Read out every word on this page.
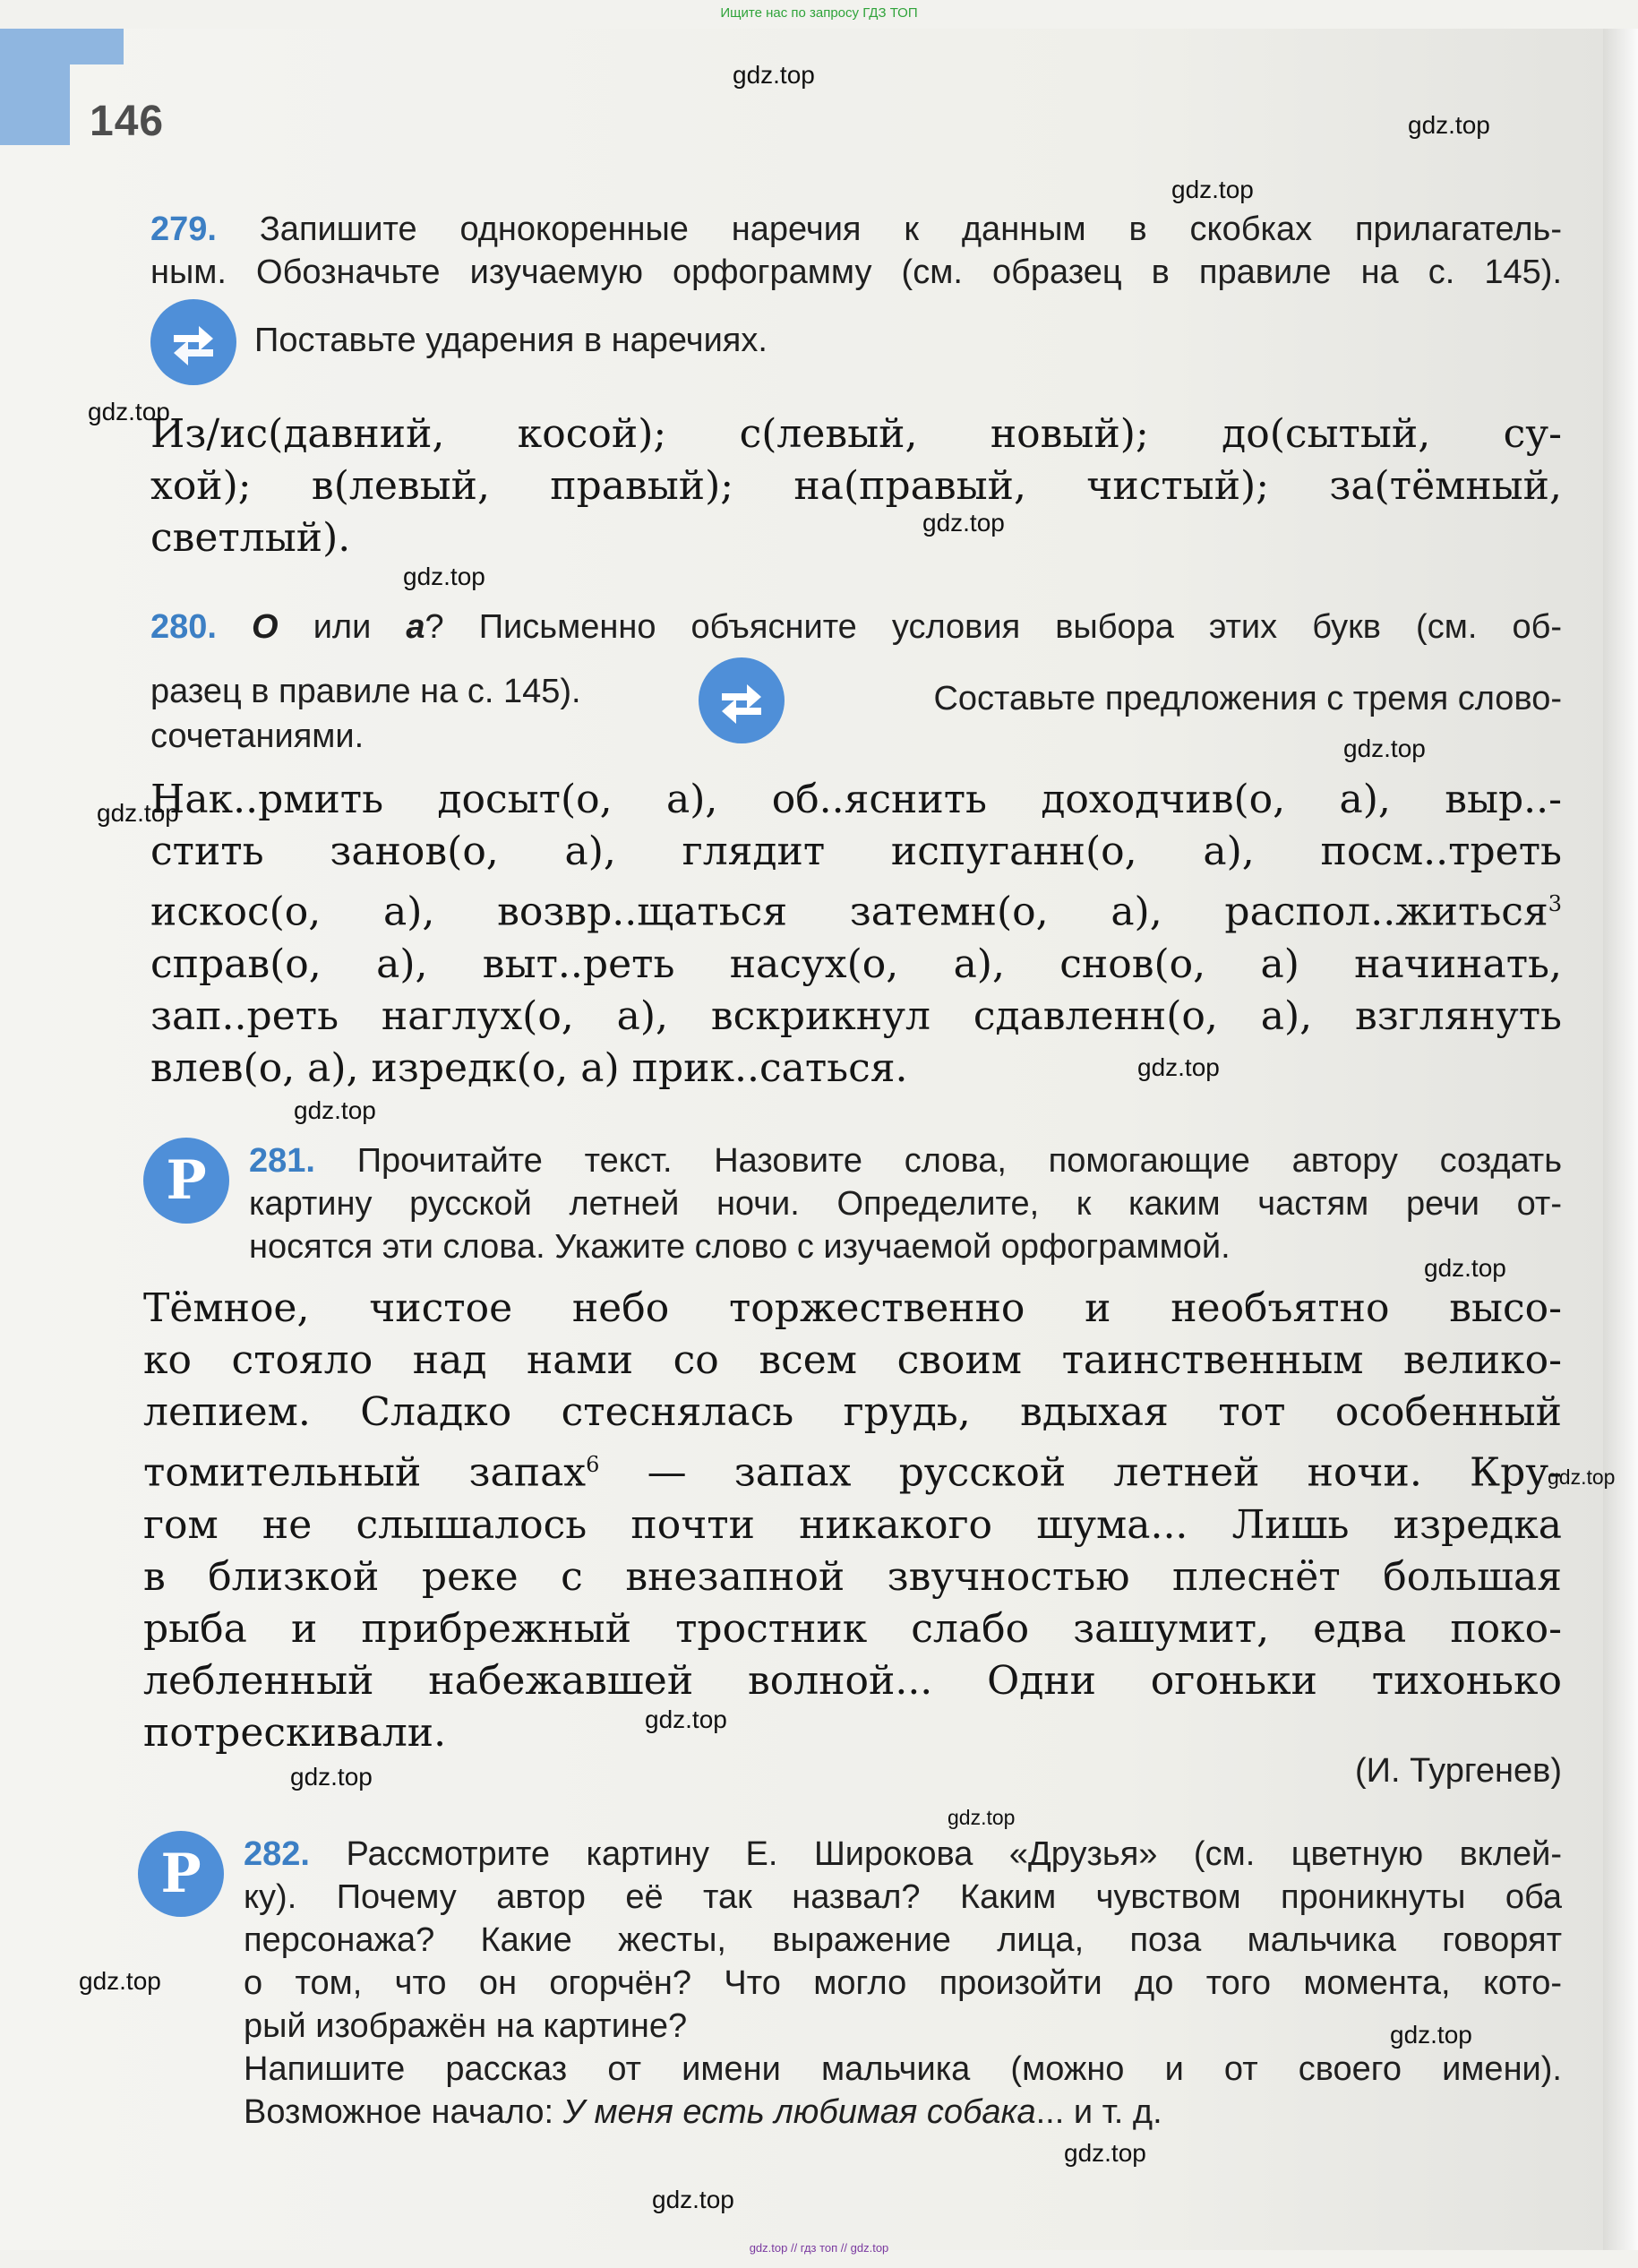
Ищите нас по запросу ГДЗ ТОП
146
gdz.top
gdz.top
gdz.top
gdz.top
gdz.top
gdz.top
gdz.top
gdz.top
gdz.top
gdz.top
gdz.top
gdz.top
gdz.top
gdz.top
gdz.top
gdz.top
gdz.top
gdz.top
gdz.top
279. Запишите однокоренные наречия к данным в скобках прилагатель-
ным. Обозначьте изучаемую орфограмму (см. образец в правиле на с. 145).
Поставьте ударения в наречиях.
Из/ис(давний, косой); с(левый, новый); до(сытый, су-
хой); в(левый, правый); на(правый, чистый); за(тёмный,
светлый).
280. О или а? Письменно объясните условия выбора этих букв (см. об-
разец в правиле на с. 145).	Составьте предложения с тремя слово-
сочетаниями.
Нак..рмить досыт(о, а), об..яснить доходчив(о, а), выр..-
стить занов(о, а), глядит испуганн(о, а), посм..треть
искос(о, а), возвр..щаться затемн(о, а), распол..житься$^3$
справ(о, а), выт..реть насух(о, а), снов(о, а) начинать,
зап..реть наглух(о, а), вскрикнул сдавленн(о, а), взглянуть
влев(о, а), изредк(о, а) прик..саться.
Р	281. Прочитайте текст. Назовите слова, помогающие автору создать
картину русской летней ночи. Определите, к каким частям речи от-
носятся эти слова. Укажите слово с изучаемой орфограммой.
Тёмное, чистое небо торжественно и необъятно высо-
ко стояло над нами со всем своим таинственным велико-
лепием. Сладко стеснялась грудь, вдыхая тот особенный
томительный запах$^6$ — запах русской летней ночи. Кру-
гом не слышалось почти никакого шума... Лишь изредка
в близкой реке с внезапной звучностью плеснёт большая
рыба и прибрежный тростник слабо зашумит, едва поко-
лебленный набежавшей волной... Одни огоньки тихонько
потрескивали.
(И. Тургенев)
Р	282. Рассмотрите картину Е. Широкова «Друзья» (см. цветную вклей-
ку). Почему автор её так назвал? Каким чувством проникнуты оба
персонажа? Какие жесты, выражение лица, поза мальчика говорят
о том, что он огорчён? Что могло произойти до того момента, кото-
рый изображён на картине?
Напишите рассказ от имени мальчика (можно и от своего имени).
Возможное начало: У меня есть любимая собака... и т. д.
gdz.top // гдз топ // gdz.top
